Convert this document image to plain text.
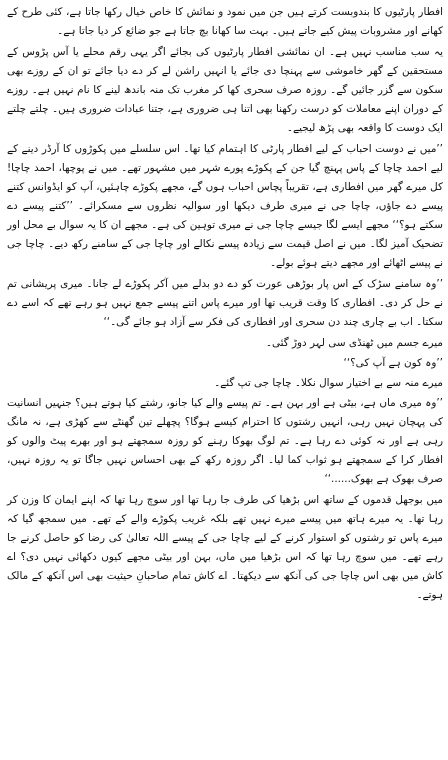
افطار پارٹیوں کا بندوبست کرتے ہیں جن میں نمود و نمائش کا خاص خیال رکھا جاتا ہے، کئی طرح کے کھانے اور مشروبات پیش کیے جاتے ہیں۔ بہت سا کھانا بچ جاتا ہے جو ضائع کر دیا جاتا ہے۔

یہ سب مناسب نہیں ہے۔ ان نمائشی افطار پارٹیوں کی بجائے اگر یہی رقم محلے یا آس پڑوس کے مستحقین کے گھر خاموشی سے پہنچا دی جائے یا انہیں راشن لے کر دے دیا جائے تو ان کے روزے بھی سکون سے گزر جائیں گے۔ روزہ صرف سحری کھا کر مغرب تک منہ باندھ لینے کا نام نہیں ہے۔ روزے کے دوران اپنے معاملات کو درست رکھنا بھی اتنا ہی ضروری ہے، جتنا عبادات ضروری ہیں۔ چلتے چلتے ایک دوست کا واقعہ بھی پڑھ لیجیے۔

’’میں نے دوست احباب کے لیے افطار پارٹی کا اہتمام کیا تھا۔ اس سلسلے میں پکوڑوں کا آرڈر دینے کے لیے احمد چاچا کے پاس پہنچ گیا جن کے پکوڑے پورے شہر میں مشہور تھے۔ میں نے پوچھا، احمد چاچا! کل میرے گھر میں افطاری ہے، تقریباً پچاس احباب ہوں گے، مجھے پکوڑے چاہئیں، آپ کو ایڈوانس کتنے پیسے دے جاؤں، چاچا جی نے میری طرف دیکھا اور سوالیہ نظروں سے مسکرائے۔ ’’کتنے پیسے دے سکتے ہو؟‘‘ مجھے ایسے لگا جیسے چاچا جی نے میری توہین کی ہے۔ مجھے ان کا یہ سوال بے محل اور تضحیک آمیز لگا۔ میں نے اصل قیمت سے زیادہ پیسے نکالے اور چاچا جی کے سامنے رکھ دیے۔ چاچا جی نے پیسے اٹھائے اور مجھے دیتے ہوئے بولے۔

’’وہ سامنے سڑک کے اس پار بوڑھی عورت کو دے دو بدلے میں آکر پکوڑے لے جانا۔ میری پریشانی تم نے حل کر دی۔ افطاری کا وقت قریب تھا اور میرے پاس اتنے پیسے جمع نہیں ہو رہے تھے کہ اسے دے سکتا۔ اب بے چاری چند دن سحری اور افطاری کی فکر سے آزاد ہو جائے گی۔‘‘

میرے جسم میں ٹھنڈی سی لہر دوڑ گئی۔

’’وہ کون ہے آپ کی؟‘‘

میرے منہ سے بے اختیار سوال نکلا۔ چاچا جی تپ گئے۔

’’وہ میری ماں ہے، بیٹی ہے اور بہن ہے۔ تم پیسے والے کیا جانو، رشتے کیا ہوتے ہیں؟ جنہیں انسانیت کی پہچان نہیں رہی، انہیں رشتوں کا احترام کیسے ہوگا؟ پچھلے تین گھنٹے سے کھڑی ہے، نہ مانگ رہی ہے اور نہ کوئی دے رہا ہے۔ تم لوگ بھوکا رہنے کو روزہ سمجھتے ہو اور بھرے پیٹ والوں کو افطار کرا کے سمجھتے ہو ثواب کما لیا۔ اگر روزہ رکھ کے بھی احساس نہیں جاگا تو یہ روزہ نہیں، صرف بھوک ہے بھوک......‘‘

میں بوجھل قدموں کے ساتھ اس بڑھیا کی طرف جا رہا تھا اور سوچ رہا تھا کہ اپنے ایمان کا وزن کر رہا تھا۔ یہ میرے ہاتھ میں پیسے میرے نہیں تھے بلکہ غریب پکوڑے والے کے تھے۔ میں سمجھ گیا کہ میرے پاس تو رشتوں کو استوار کرنے کے لیے چاچا جی کے پیسے اللہ تعالیٰ کی رضا کو حاصل کرنے جا رہے تھے۔ میں سوچ رہا تھا کہ اس بڑھیا میں ماں، بہن اور بیٹی مجھے کیوں دکھائی نہیں دی؟ اے کاش میں بھی اس چاچا جی کی آنکھ سے دیکھتا۔ اے کاش تمام صاحبانِ حیثیت بھی اس آنکھ کے مالک ہوتے۔
